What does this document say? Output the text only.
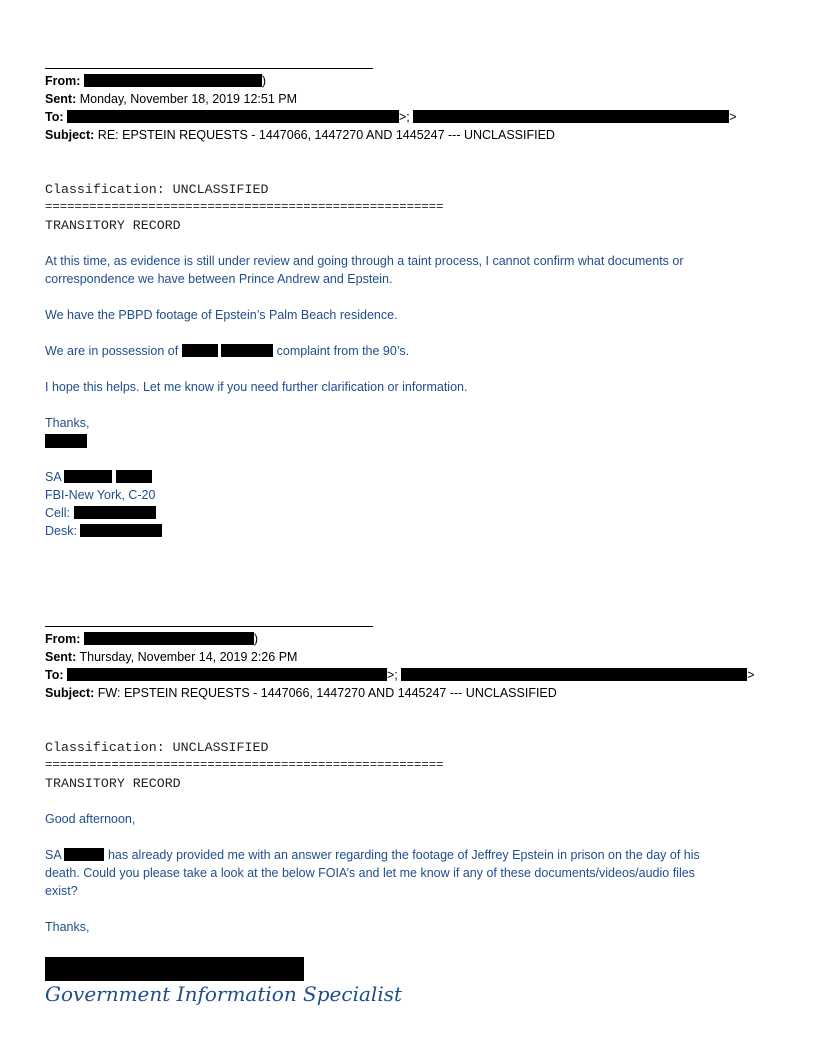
From:	)
Sent: Monday, November 18, 2019 12:51 PM
To:	>;	>
Subject: RE: EPSTEIN REQUESTS - 1447066, 1447270 AND 1445247 --- UNCLASSIFIED
Classification: UNCLASSIFIED
======================================================
TRANSITORY RECORD
At this time, as evidence is still under review and going through a taint process, I cannot confirm what documents or
correspondence we have between Prince Andrew and Epstein.
We have the PBPD footage of Epstein’s Palm Beach residence.
We are in possession of	complaint from the 90’s.
I hope this helps. Let me know if you need further clarification or information.
Thanks,
SA
FBI-New York, C-20
Cell:
Desk:
From:	)
Sent: Thursday, November 14, 2019 2:26 PM
To:	>;	>
Subject: FW: EPSTEIN REQUESTS - 1447066, 1447270 AND 1445247 --- UNCLASSIFIED
Classification: UNCLASSIFIED
======================================================
TRANSITORY RECORD
Good afternoon,
SA	has already provided me with an answer regarding the footage of Jeffrey Epstein in prison on the day of his
death. Could you please take a look at the below FOIA’s and let me know if any of these documents/videos/audio files
exist?
Thanks,
Government Information Specialist
